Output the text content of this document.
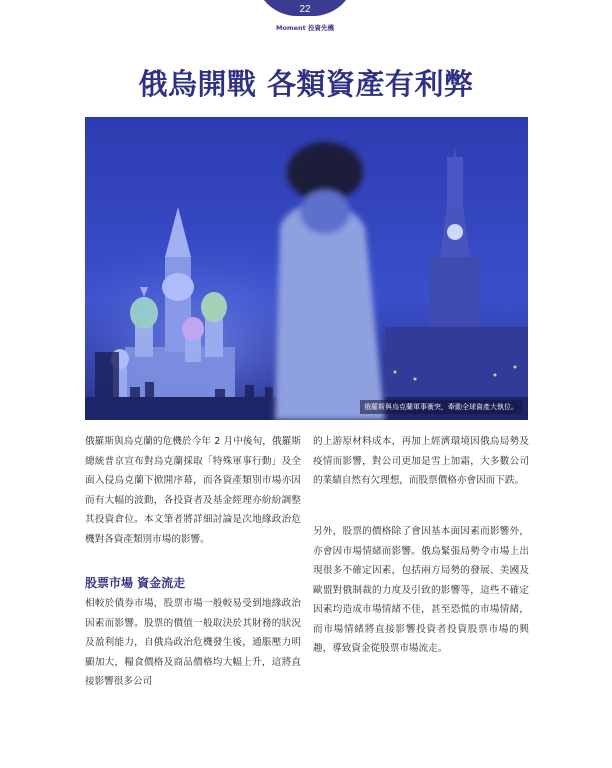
22
Moment 投資先機
俄烏開戰 各類資產有利弊
俄羅斯與烏克蘭軍事衝突，牽動全球資產大執位。

俄羅斯與烏克蘭的危機於今年 2 月中後旬，俄羅斯總統普京宣布對烏克蘭採取「特殊軍事行動」及全面入侵烏克蘭下掀開序幕，而各資產類別市場亦因而有大幅的波動，各投資者及基金經理亦紛紛調整其投資倉位。本文筆者將詳細討論是次地緣政治危機對各資產類別市場的影響。

股票市場 資金流走

相較於債券市場，股票市場一般較易受到地緣政治因素而影響。股票的價值一般取決於其財務的狀況及盈利能力，自俄烏政治危機發生後，通脹壓力明顯加大，糧食價格及商品價格均大幅上升，這將直接影響很多公司

的上游原材料成本，再加上經濟環境因俄烏局勢及疫情而影響，對公司更加是雪上加霜，大多數公司的業績自然有欠理想，而股票價格亦會因而下跌。

另外，股票的價格除了會因基本面因素而影響外，亦會因市場情緒而影響。俄烏緊張局勢令市場上出現很多不確定因素，包括兩方局勢的發展、美國及歐盟對俄制裁的力度及引致的影響等，這些不確定因素均造成市場情緒不佳，甚至恐慌的市場情緒，而市場情緒將直接影響投資者投資股票市場的興趣，導致資金從股票市場流走。
